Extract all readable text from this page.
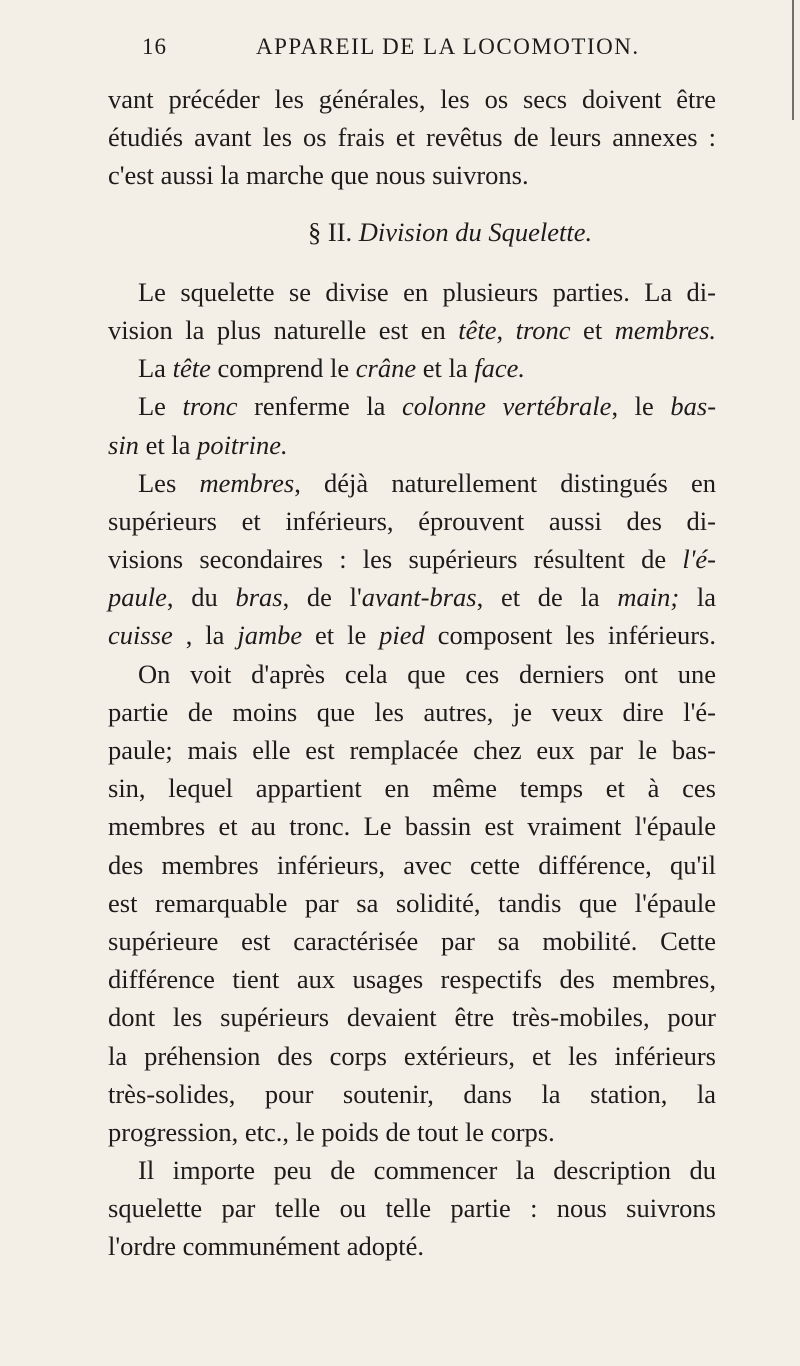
16	APPAREIL DE LA LOCOMOTION.
vant précéder les générales, les os secs doivent être
étudiés avant les os frais et revêtus de leurs annexes :
c'est aussi la marche que nous suivrons.
§ II. Division du Squelette.
Le squelette se divise en plusieurs parties. La di-
vision la plus naturelle est en tête, tronc et membres.
La tête comprend le crâne et la face.
Le tronc renferme la colonne vertébrale, le bas-
sin et la poitrine.
Les membres, déjà naturellement distingués en
supérieurs et inférieurs, éprouvent aussi des di-
visions secondaires : les supérieurs résultent de l'é-
paule, du bras, de l'avant-bras, et de la main; la
cuisse , la jambe et le pied composent les inférieurs.
On voit d'après cela que ces derniers ont une
partie de moins que les autres, je veux dire l'é-
paule; mais elle est remplacée chez eux par le bas-
sin, lequel appartient en même temps et à ces
membres et au tronc. Le bassin est vraiment l'épaule
des membres inférieurs, avec cette différence, qu'il
est remarquable par sa solidité, tandis que l'épaule
supérieure est caractérisée par sa mobilité. Cette
différence tient aux usages respectifs des membres,
dont les supérieurs devaient être très-mobiles, pour
la préhension des corps extérieurs, et les inférieurs
très-solides, pour soutenir, dans la station, la
progression, etc., le poids de tout le corps.
Il importe peu de commencer la description du
squelette par telle ou telle partie : nous suivrons
l'ordre communément adopté.
